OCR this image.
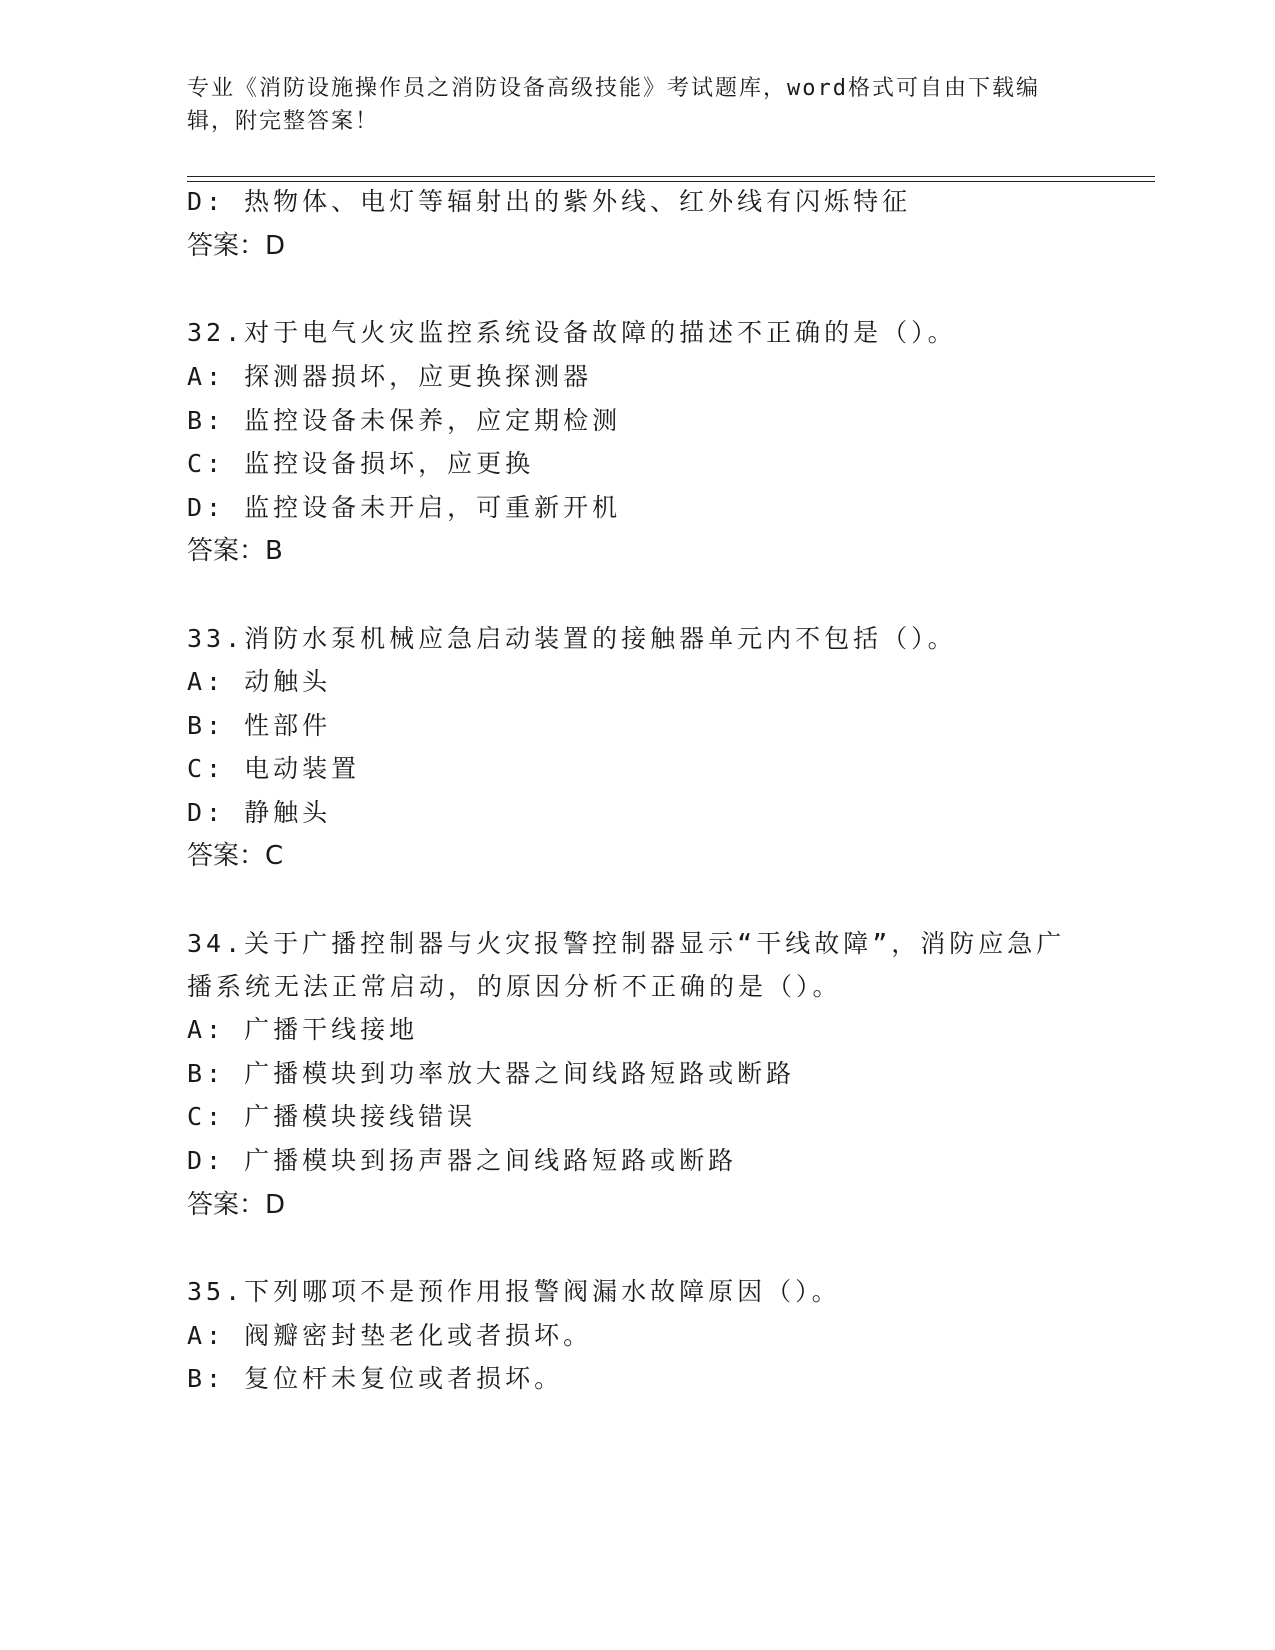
专业《消防设施操作员之消防设备高级技能》考试题库，word格式可自由下载编辑，附完整答案！
D: 热物体、电灯等辐射出的紫外线、红外线有闪烁特征
答案：D
32.对于电气火灾监控系统设备故障的描述不正确的是（）。
A: 探测器损坏，应更换探测器
B: 监控设备未保养，应定期检测
C: 监控设备损坏，应更换
D: 监控设备未开启，可重新开机
答案：B
33.消防水泵机械应急启动装置的接触器单元内不包括（）。
A: 动触头
B: 性部件
C: 电动装置
D: 静触头
答案：C
34.关于广播控制器与火灾报警控制器显示“干线故障”，消防应急广
播系统无法正常启动，的原因分析不正确的是（）。
A: 广播干线接地
B: 广播模块到功率放大器之间线路短路或断路
C: 广播模块接线错误
D: 广播模块到扬声器之间线路短路或断路
答案：D
35.下列哪项不是预作用报警阀漏水故障原因（）。
A: 阀瓣密封垫老化或者损坏。
B: 复位杆未复位或者损坏。
